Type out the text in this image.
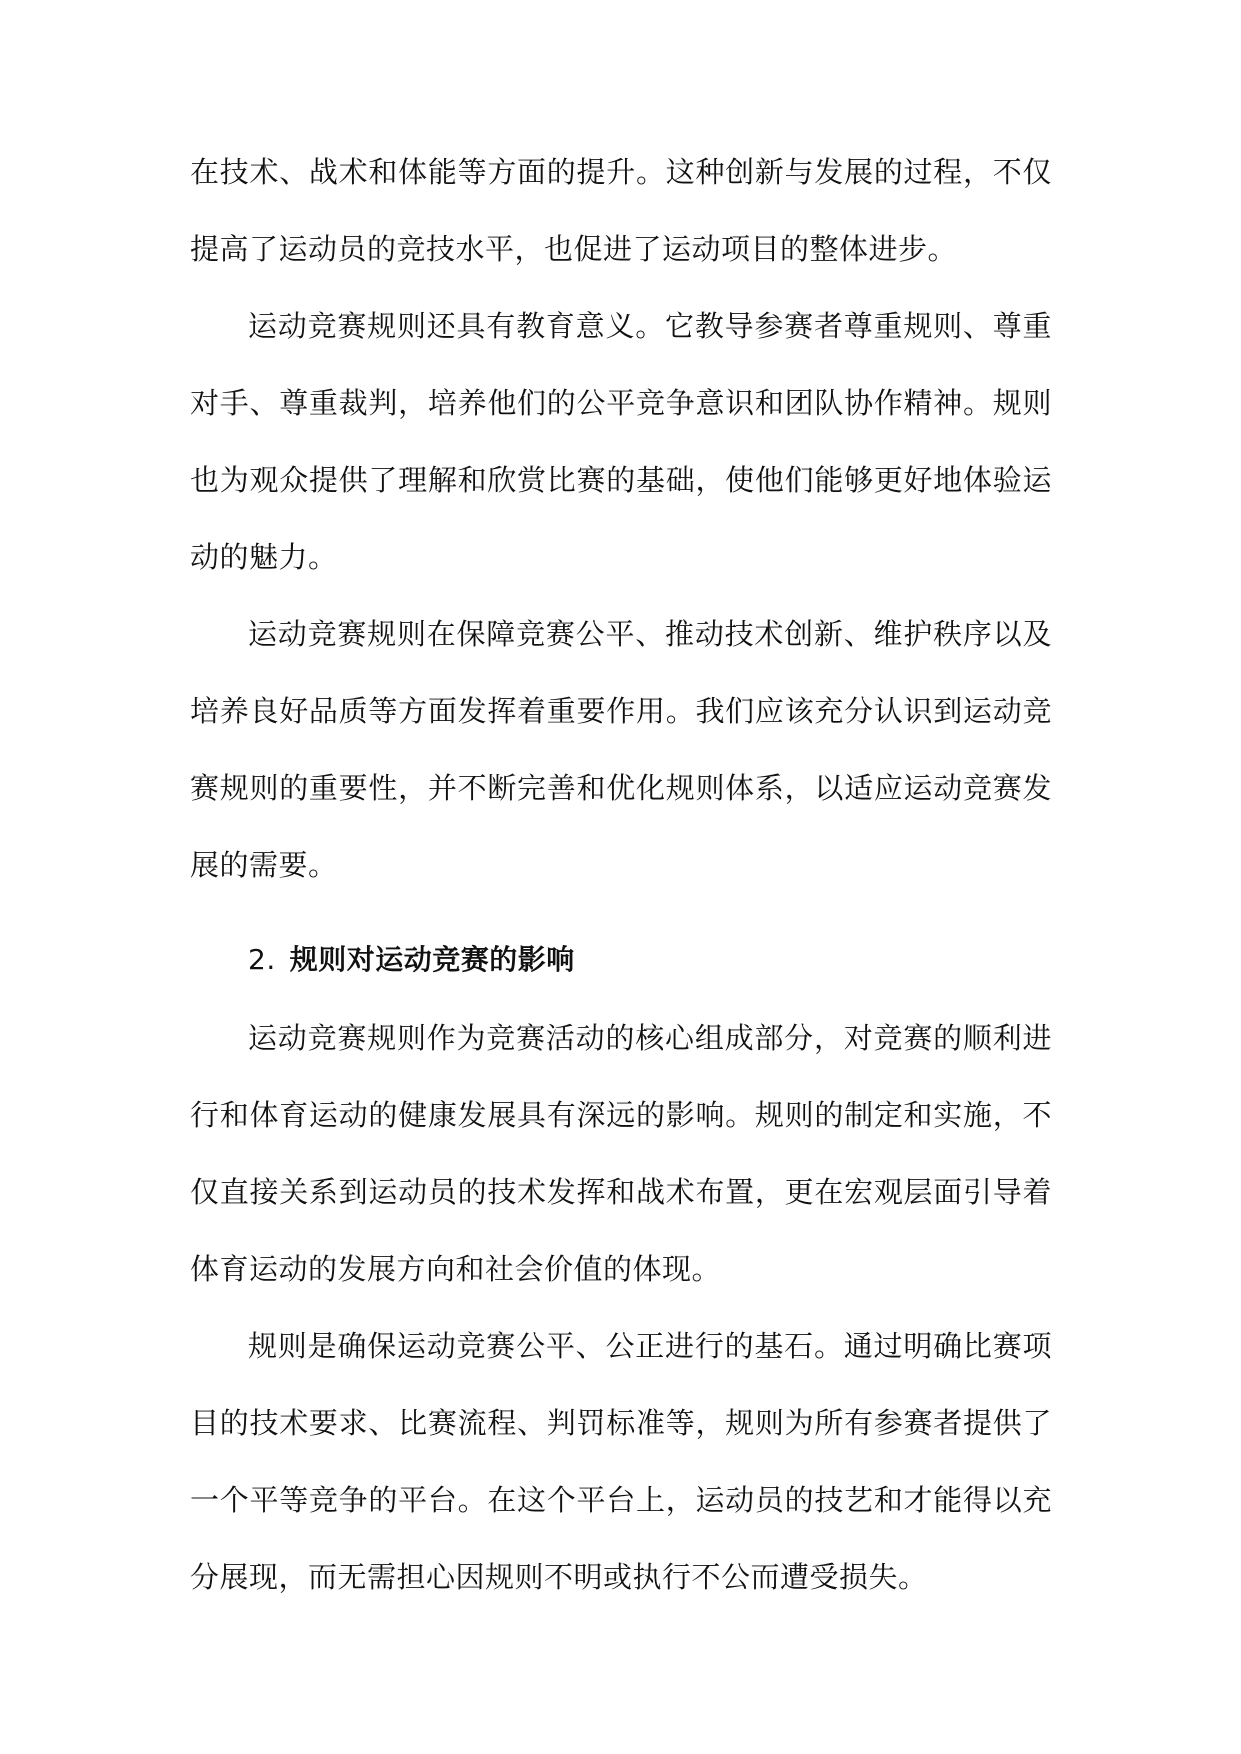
在技术、战术和体能等方面的提升。这种创新与发展的过程，不仅提高了运动员的竞技水平，也促进了运动项目的整体进步。

运动竞赛规则还具有教育意义。它教导参赛者尊重规则、尊重对手、尊重裁判，培养他们的公平竞争意识和团队协作精神。规则也为观众提供了理解和欣赏比赛的基础，使他们能够更好地体验运动的魅力。

运动竞赛规则在保障竞赛公平、推动技术创新、维护秩序以及培养良好品质等方面发挥着重要作用。我们应该充分认识到运动竞赛规则的重要性，并不断完善和优化规则体系，以适应运动竞赛发展的需要。

2. 规则对运动竞赛的影响

运动竞赛规则作为竞赛活动的核心组成部分，对竞赛的顺利进行和体育运动的健康发展具有深远的影响。规则的制定和实施，不仅直接关系到运动员的技术发挥和战术布置，更在宏观层面引导着体育运动的发展方向和社会价值的体现。

规则是确保运动竞赛公平、公正进行的基石。通过明确比赛项目的技术要求、比赛流程、判罚标准等，规则为所有参赛者提供了一个平等竞争的平台。在这个平台上，运动员的技艺和才能得以充分展现，而无需担心因规则不明或执行不公而遭受损失。
